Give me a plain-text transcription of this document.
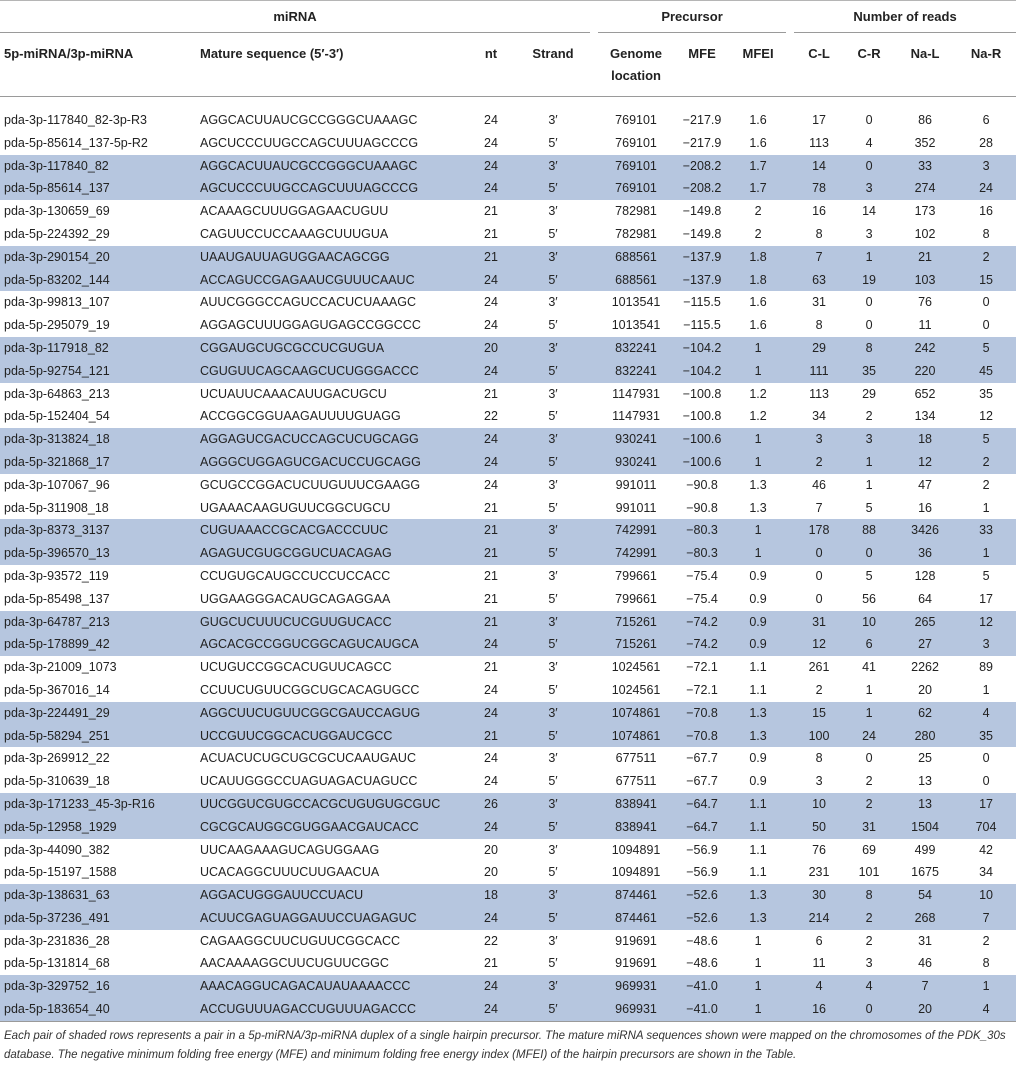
miRNA					Precursor				Number of reads			

5p-miRNA/3p-miRNA	Mature sequence (5′-3′)	nt	Strand		Genome
location	MFE	MFEI		C-L	C-R	Na-L	Na-R

pda-3p-117840_82-3p-R3	AGGCACUUAUCGCCGGGCUAAAGC	24	3′		769101	−217.9	1.6		17	0	86	6
pda-5p-85614_137-5p-R2	AGCUCCCUUGCCAGCUUUAGCCCG	24	5′		769101	−217.9	1.6		113	4	352	28
pda-3p-117840_82	AGGCACUUAUCGCCGGGCUAAAGC	24	3′		769101	−208.2	1.7		14	0	33	3
pda-5p-85614_137	AGCUCCCUUGCCAGCUUUAGCCCG	24	5′		769101	−208.2	1.7		78	3	274	24
pda-3p-130659_69	ACAAAGCUUUGGAGAACUGUU	21	3′		782981	−149.8	2		16	14	173	16
pda-5p-224392_29	CAGUUCCUCCAAAGCUUUGUA	21	5′		782981	−149.8	2		8	3	102	8
pda-3p-290154_20	UAAUGAUUAGUGGAACAGCGG	21	3′		688561	−137.9	1.8		7	1	21	2
pda-5p-83202_144	ACCAGUCCGAGAAUCGUUUCAAUC	24	5′		688561	−137.9	1.8		63	19	103	15
pda-3p-99813_107	AUUCGGGCCAGUCCACUCUAAAGC	24	3′		1013541	−115.5	1.6		31	0	76	0
pda-5p-295079_19	AGGAGCUUUGGAGUGAGCCGGCCC	24	5′		1013541	−115.5	1.6		8	0	11	0
pda-3p-117918_82	CGGAUGCUGCGCCUCGUGUA	20	3′		832241	−104.2	1		29	8	242	5
pda-5p-92754_121	CGUGUUCAGCAAGCUCUGGGACCC	24	5′		832241	−104.2	1		111	35	220	45
pda-3p-64863_213	UCUAUUCAAACAUUGACUGCU	21	3′		1147931	−100.8	1.2		113	29	652	35
pda-5p-152404_54	ACCGGCGGUAAGAUUUUGUAGG	22	5′		1147931	−100.8	1.2		34	2	134	12
pda-3p-313824_18	AGGAGUCGACUCCAGCUCUGCAGG	24	3′		930241	−100.6	1		3	3	18	5
pda-5p-321868_17	AGGGCUGGAGUCGACUCCUGCAGG	24	5′		930241	−100.6	1		2	1	12	2
pda-3p-107067_96	GCUGCCGGACUCUUGUUUCGAAGG	24	3′		991011	−90.8	1.3		46	1	47	2
pda-5p-311908_18	UGAAACAAGUGUUCGGCUGCU	21	5′		991011	−90.8	1.3		7	5	16	1
pda-3p-8373_3137	CUGUAAACCGCACGACCCUUC	21	3′		742991	−80.3	1		178	88	3426	33
pda-5p-396570_13	AGAGUCGUGCGGUCUACAGAG	21	5′		742991	−80.3	1		0	0	36	1
pda-3p-93572_119	CCUGUGCAUGCCUCCUCCACC	21	3′		799661	−75.4	0.9		0	5	128	5
pda-5p-85498_137	UGGAAGGGACAUGCAGAGGAA	21	5′		799661	−75.4	0.9		0	56	64	17
pda-3p-64787_213	GUGCUCUUUCUCGUUGUCACC	21	3′		715261	−74.2	0.9		31	10	265	12
pda-5p-178899_42	AGCACGCCGGUCGGCAGUCAUGCA	24	5′		715261	−74.2	0.9		12	6	27	3
pda-3p-21009_1073	UCUGUCCGGCACUGUUCAGCC	21	3′		1024561	−72.1	1.1		261	41	2262	89
pda-5p-367016_14	CCUUCUGUUCGGCUGCACAGUGCC	24	5′		1024561	−72.1	1.1		2	1	20	1
pda-3p-224491_29	AGGCUUCUGUUCGGCGAUCCAGUG	24	3′		1074861	−70.8	1.3		15	1	62	4
pda-5p-58294_251	UCCGUUCGGCACUGGAUCGCC	21	5′		1074861	−70.8	1.3		100	24	280	35
pda-3p-269912_22	ACUACUCUGCUGCGCUCAAUGAUC	24	3′		677511	−67.7	0.9		8	0	25	0
pda-5p-310639_18	UCAUUGGGCCUAGUAGACUAGUCC	24	5′		677511	−67.7	0.9		3	2	13	0
pda-3p-171233_45-3p-R16	UUCGGUCGUGCCACGCUGUGUGCGUC	26	3′		838941	−64.7	1.1		10	2	13	17
pda-5p-12958_1929	CGCGCAUGGCGUGGAACGAUCACC	24	5′		838941	−64.7	1.1		50	31	1504	704
pda-3p-44090_382	UUCAAGAAAGUCAGUGGAAG	20	3′		1094891	−56.9	1.1		76	69	499	42
pda-5p-15197_1588	UCACAGGCUUUCUUGAACUA	20	5′		1094891	−56.9	1.1		231	101	1675	34
pda-3p-138631_63	AGGACUGGGAUUCCUACU	18	3′		874461	−52.6	1.3		30	8	54	10
pda-5p-37236_491	ACUUCGAGUAGGAUUCCUAGAGUC	24	5′		874461	−52.6	1.3		214	2	268	7
pda-3p-231836_28	CAGAAGGCUUCUGUUCGGCACC	22	3′		919691	−48.6	1		6	2	31	2
pda-5p-131814_68	AACAAAAGGCUUCUGUUCGGC	21	5′		919691	−48.6	1		11	3	46	8
pda-3p-329752_16	AAACAGGUCAGACAUAUAAAACCC	24	3′		969931	−41.0	1		4	4	7	1
pda-5p-183654_40	ACCUGUUUAGACCUGUUUAGACCC	24	5′		969931	−41.0	1		16	0	20	4
Each pair of shaded rows represents a pair in a 5p-miRNA/3p-miRNA duplex of a single hairpin precursor. The mature miRNA sequences shown were mapped on the chromosomes of the PDK_30s database. The negative minimum folding free energy (MFE) and minimum folding free energy index (MFEI) of the hairpin precursors are shown in the Table.
